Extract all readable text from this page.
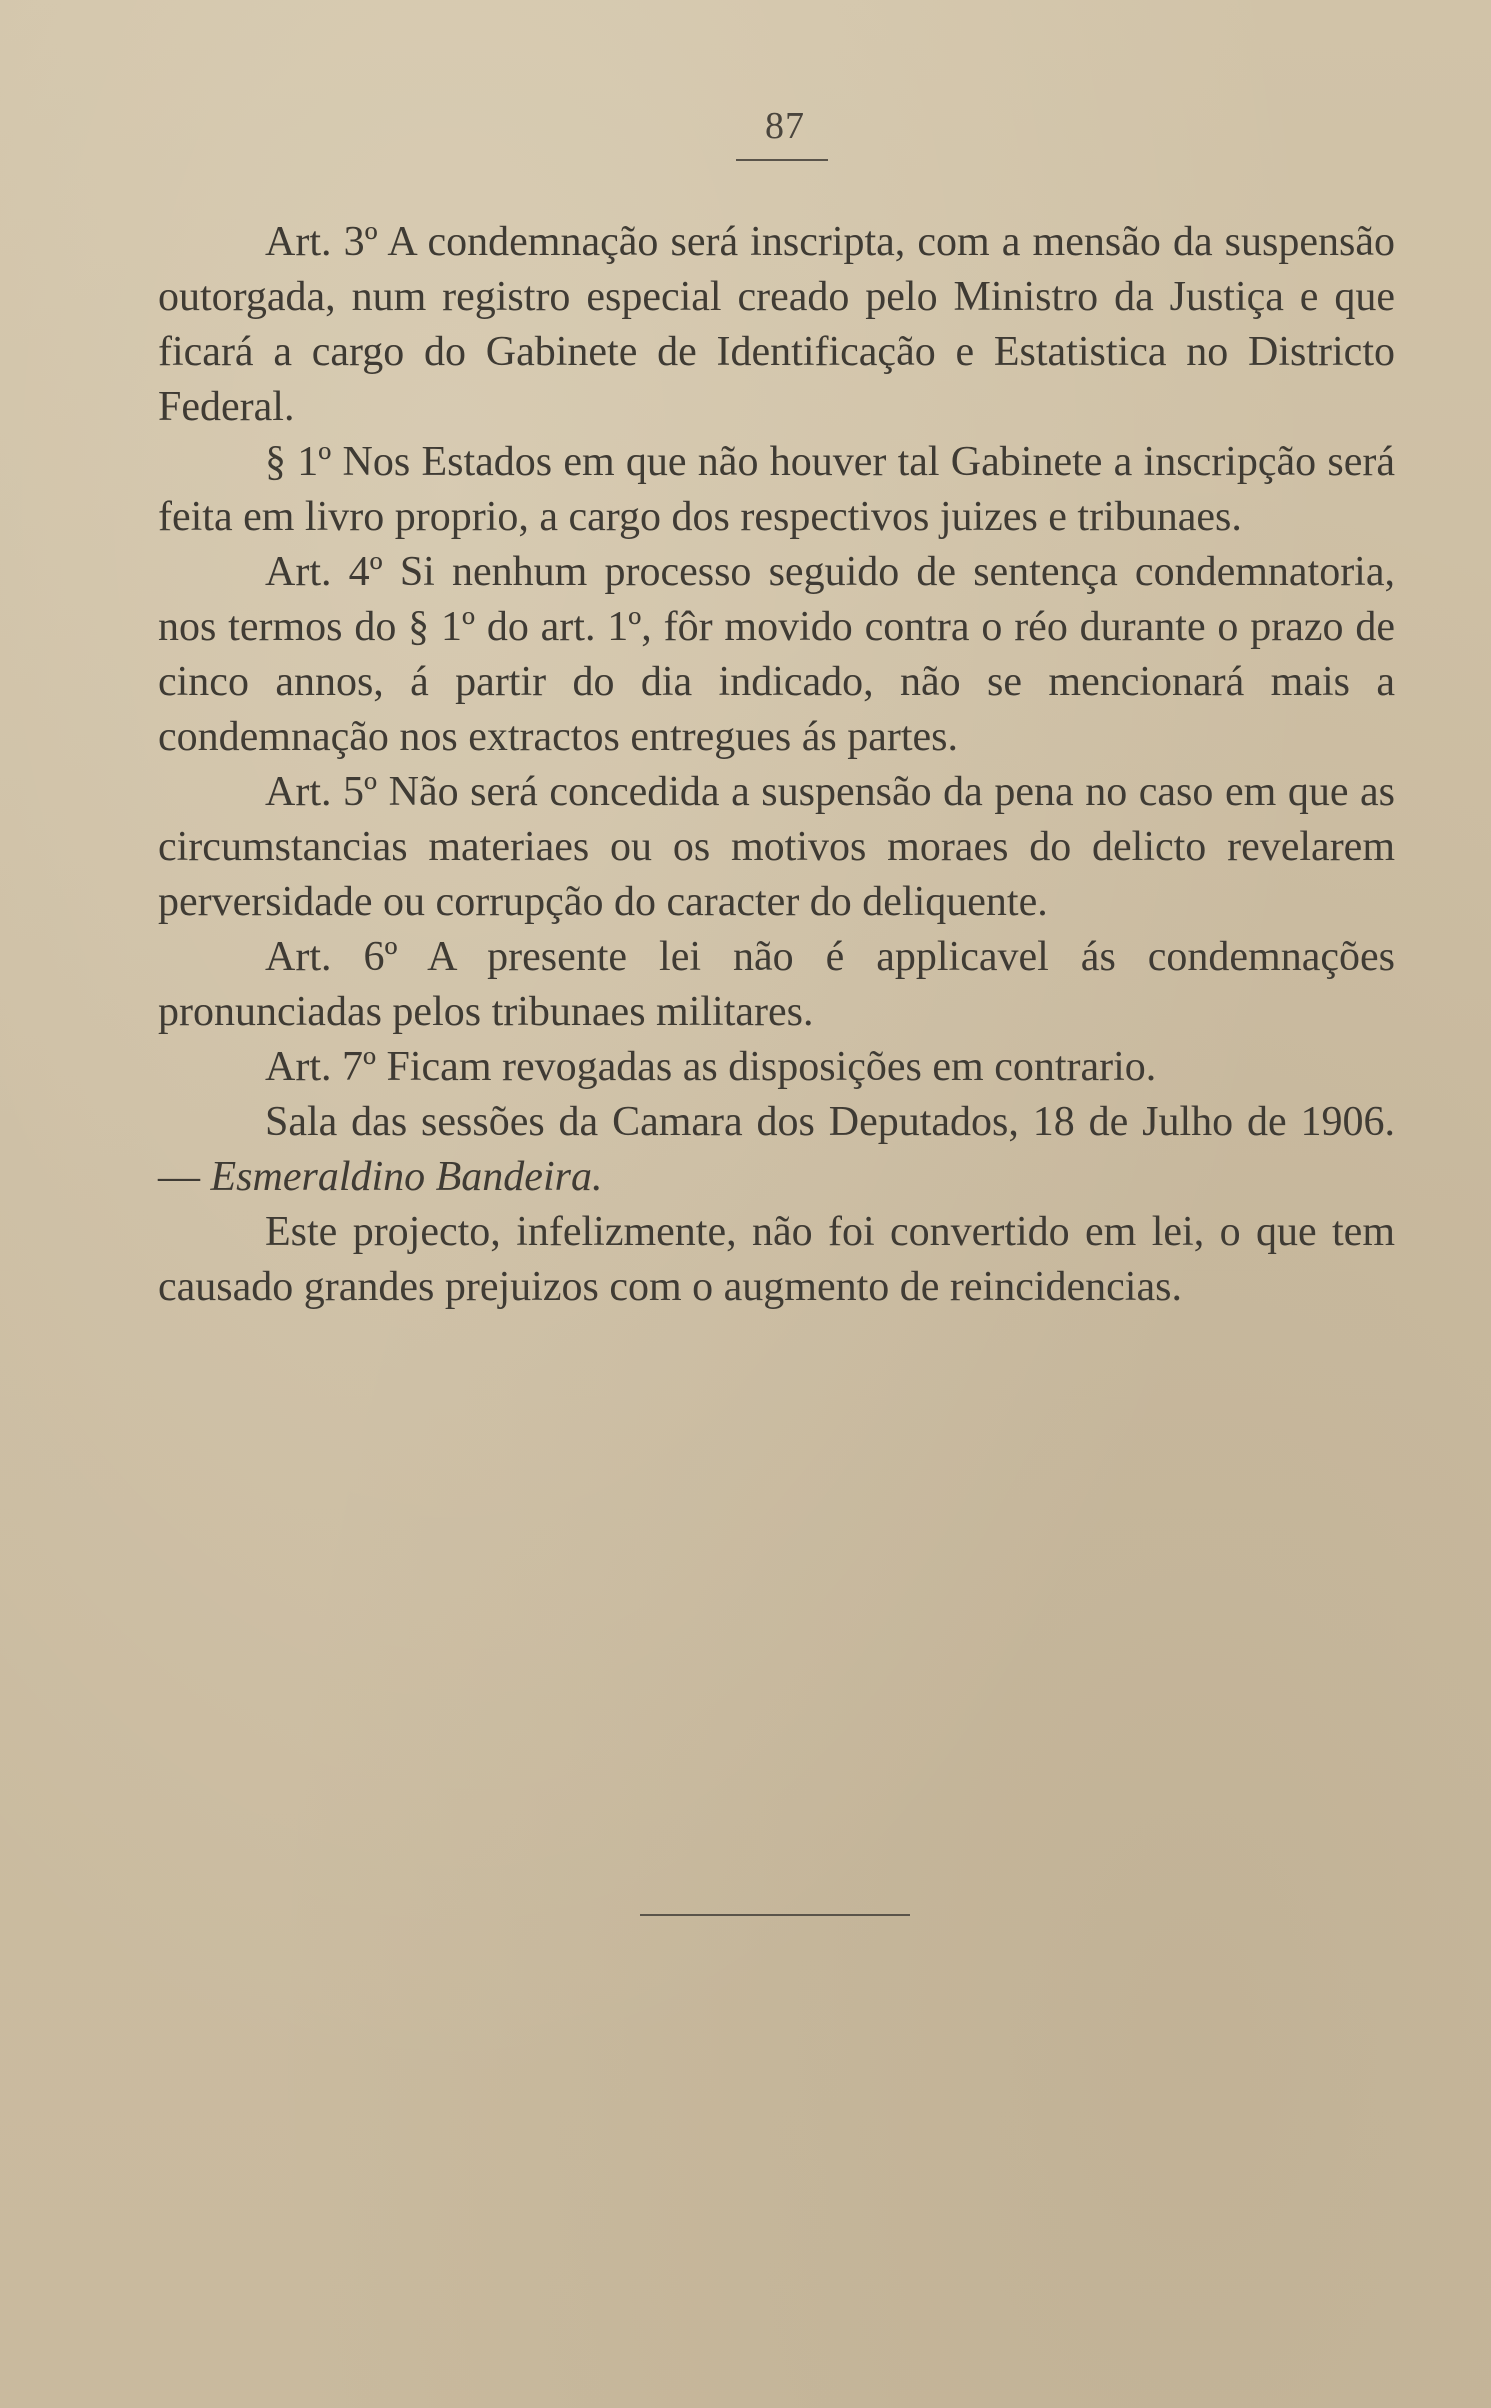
87

Art. 3º A condemnação será inscripta, com a mensão da suspensão outorgada, num registro especial creado pelo Ministro da Justiça e que ficará a cargo do Gabinete de Identificação e Estatistica no Districto Federal.

§ 1º Nos Estados em que não houver tal Gabinete a inscripção será feita em livro proprio, a cargo dos respectivos juizes e tribunaes.

Art. 4º Si nenhum processo seguido de sentença condemnatoria, nos termos do § 1º do art. 1º, fôr movido contra o réo durante o prazo de cinco annos, á partir do dia indicado, não se mencionará mais a condemnação nos extractos entregues ás partes.

Art. 5º Não será concedida a suspensão da pena no caso em que as circumstancias materiaes ou os motivos moraes do delicto revelarem perversidade ou corrupção do caracter do deliquente.

Art. 6º A presente lei não é applicavel ás condemnações pronunciadas pelos tribunaes militares.

Art. 7º Ficam revogadas as disposições em contrario.

Sala das sessões da Camara dos Deputados, 18 de Julho de 1906. — Esmeraldino Bandeira.

Este projecto, infelizmente, não foi convertido em lei, o que tem causado grandes prejuizos com o augmento de reincidencias.
